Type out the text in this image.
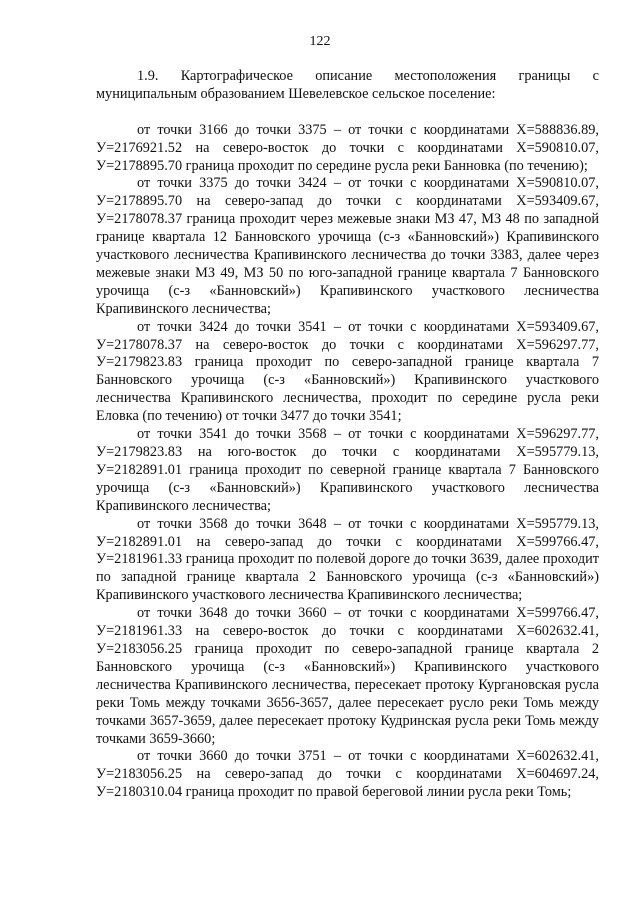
122

1.9. Картографическое описание местоположения границы с муниципальным образованием Шевелевское сельское поселение:

от точки 3166 до точки 3375 – от точки с координатами Х=588836.89, У=2176921.52 на северо-восток до точки с координатами Х=590810.07, У=2178895.70 граница проходит по середине русла реки Банновка (по течению);

от точки 3375 до точки 3424 – от точки с координатами Х=590810.07, У=2178895.70 на северо-запад до точки с координатами Х=593409.67, У=2178078.37 граница проходит через межевые знаки МЗ 47, МЗ 48 по западной границе квартала 12 Банновского урочища (с-з «Банновский») Крапивинского участкового лесничества Крапивинского лесничества до точки 3383, далее через межевые знаки МЗ 49, МЗ 50 по юго-западной границе квартала 7 Банновского урочища (с-з «Банновский») Крапивинского участкового лесничества Крапивинского лесничества;

от точки 3424 до точки 3541 – от точки с координатами Х=593409.67, У=2178078.37 на северо-восток до точки с координатами Х=596297.77, У=2179823.83 граница проходит по северо-западной границе квартала 7 Банновского урочища (с-з «Банновский») Крапивинского участкового лесничества Крапивинского лесничества, проходит по середине русла реки Еловка (по течению) от точки 3477 до точки 3541;

от точки 3541 до точки 3568 – от точки с координатами Х=596297.77, У=2179823.83 на юго-восток до точки с координатами Х=595779.13, У=2182891.01 граница проходит по северной границе квартала 7 Банновского урочища (с-з «Банновский») Крапивинского участкового лесничества Крапивинского лесничества;

от точки 3568 до точки 3648 – от точки с координатами Х=595779.13, У=2182891.01 на северо-запад до точки с координатами Х=599766.47, У=2181961.33 граница проходит по полевой дороге до точки 3639, далее проходит по западной границе квартала 2 Банновского урочища (с-з «Банновский») Крапивинского участкового лесничества Крапивинского лесничества;

от точки 3648 до точки 3660 – от точки с координатами Х=599766.47, У=2181961.33 на северо-восток до точки с координатами Х=602632.41, У=2183056.25 граница проходит по северо-западной границе квартала 2 Банновского урочища (с-з «Банновский») Крапивинского участкового лесничества Крапивинского лесничества, пересекает протоку Кургановская русла реки Томь между точками 3656-3657, далее пересекает русло реки Томь между точками 3657-3659, далее пересекает протоку Кудринская русла реки Томь между точками 3659-3660;

от точки 3660 до точки 3751 – от точки с координатами Х=602632.41, У=2183056.25 на северо-запад до точки с координатами Х=604697.24, У=2180310.04 граница проходит по правой береговой линии русла реки Томь;
